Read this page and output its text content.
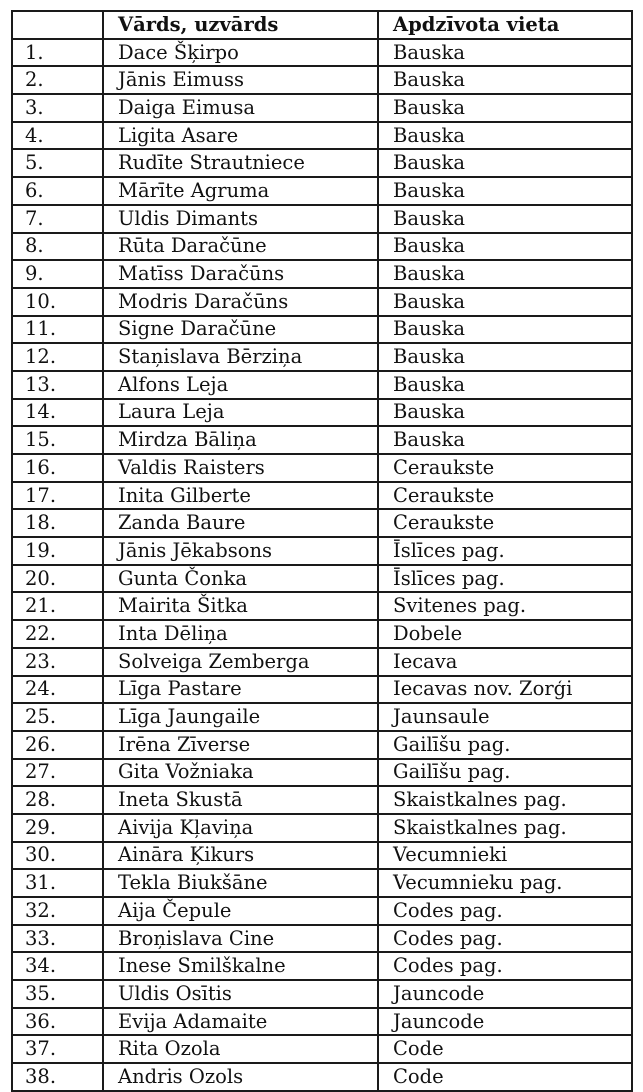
	Vārds, uzvārds	Apdzīvota vieta
1.	Dace Šķirpo	Bauska
2.	Jānis Eimuss	Bauska
3.	Daiga Eimusa	Bauska
4.	Ligita Asare	Bauska
5.	Rudīte Strautniece	Bauska
6.	Mārīte Agruma	Bauska
7.	Uldis Dimants	Bauska
8.	Rūta Daračūne	Bauska
9.	Matīss Daračūns	Bauska
10.	Modris Daračūns	Bauska
11.	Signe Daračūne	Bauska
12.	Staņislava Bērziņa	Bauska
13.	Alfons Leja	Bauska
14.	Laura Leja	Bauska
15.	Mirdza Bāliņa	Bauska
16.	Valdis Raisters	Ceraukste
17.	Inita Gilberte	Ceraukste
18.	Zanda Baure	Ceraukste
19.	Jānis Jēkabsons	Īslīces pag.
20.	Gunta Čonka	Īslīces pag.
21.	Mairita Šitka	Svitenes pag.
22.	Inta Dēliņa	Dobele
23.	Solveiga Zemberga	Iecava
24.	Līga Pastare	Iecavas nov. Zorģi
25.	Līga Jaungaile	Jaunsaule
26.	Irēna Zīverse	Gailīšu pag.
27.	Gita Vožniaka	Gailīšu pag.
28.	Ineta Skustā	Skaistkalnes pag.
29.	Aivija Kļaviņa	Skaistkalnes pag.
30.	Aināra Ķikurs	Vecumnieki
31.	Tekla Biukšāne	Vecumnieku pag.
32.	Aija Čepule	Codes pag.
33.	Broņislava Cine	Codes pag.
34.	Inese Smilškalne	Codes pag.
35.	Uldis Osītis	Jauncode
36.	Evija Adamaite	Jauncode
37.	Rita Ozola	Code
38.	Andris Ozols	Code
